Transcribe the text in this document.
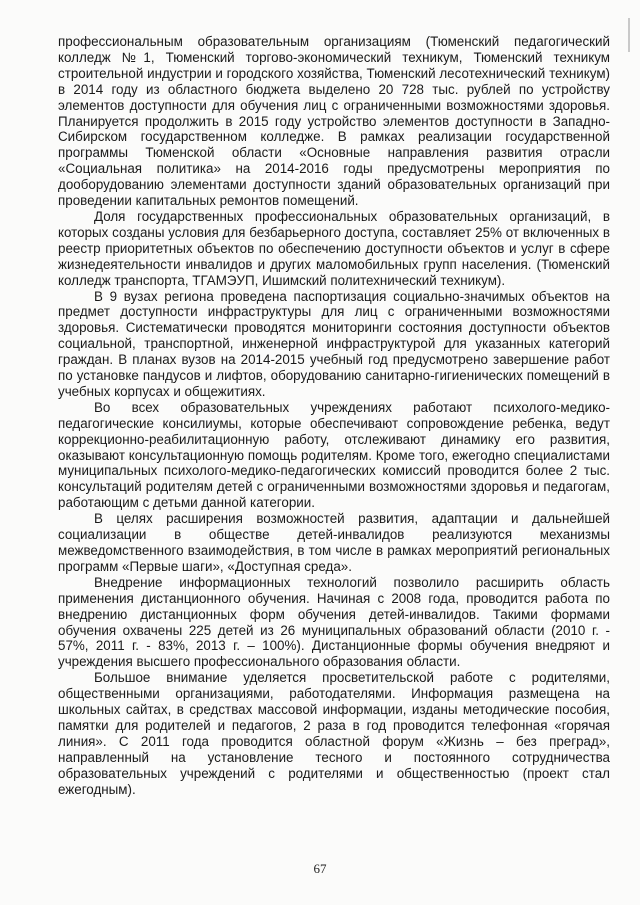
профессиональным образовательным организациям (Тюменский педагогический колледж №1, Тюменский торгово-экономический техникум, Тюменский техникум строительной индустрии и городского хозяйства, Тюменский лесотехнический техникум) в 2014 году из областного бюджета выделено 20 728 тыс. рублей по устройству элементов доступности для обучения лиц с ограниченными возможностями здоровья. Планируется продолжить в 2015 году устройство элементов доступности в Западно-Сибирском государственном колледже. В рамках реализации государственной программы Тюменской области «Основные направления развития отрасли «Социальная политика» на 2014-2016 годы предусмотрены мероприятия по дооборудованию элементами доступности зданий образовательных организаций при проведении капитальных ремонтов помещений.

Доля государственных профессиональных образовательных организаций, в которых созданы условия для безбарьерного доступа, составляет 25% от включенных в реестр приоритетных объектов по обеспечению доступности объектов и услуг в сфере жизнедеятельности инвалидов и других маломобильных групп населения. (Тюменский колледж транспорта, ТГАМЭУП, Ишимский политехнический техникум).

В 9 вузах региона проведена паспортизация социально-значимых объектов на предмет доступности инфраструктуры для лиц с ограниченными возможностями здоровья. Систематически проводятся мониторинги состояния доступности объектов социальной, транспортной, инженерной инфраструктурой для указанных категорий граждан. В планах вузов на 2014-2015 учебный год предусмотрено завершение работ по установке пандусов и лифтов, оборудованию санитарно-гигиенических помещений в учебных корпусах и общежитиях.

Во всех образовательных учреждениях работают психолого-медико-педагогические консилиумы, которые обеспечивают сопровождение ребенка, ведут коррекционно-реабилитационную работу, отслеживают динамику его развития, оказывают консультационную помощь родителям. Кроме того, ежегодно специалистами муниципальных психолого-медико-педагогических комиссий проводится более 2 тыс. консультаций родителям детей с ограниченными возможностями здоровья и педагогам, работающим с детьми данной категории.

В целях расширения возможностей развития, адаптации и дальнейшей социализации в обществе детей-инвалидов реализуются механизмы межведомственного взаимодействия, в том числе в рамках мероприятий региональных программ «Первые шаги», «Доступная среда».

Внедрение информационных технологий позволило расширить область применения дистанционного обучения. Начиная с 2008 года, проводится работа по внедрению дистанционных форм обучения детей-инвалидов. Такими формами обучения охвачены 225 детей из 26 муниципальных образований области (2010 г. - 57%, 2011 г. - 83%, 2013 г. – 100%). Дистанционные формы обучения внедряют и учреждения высшего профессионального образования области.

Большое внимание уделяется просветительской работе с родителями, общественными организациями, работодателями. Информация размещена на школьных сайтах, в средствах массовой информации, изданы методические пособия, памятки для родителей и педагогов, 2 раза в год проводится телефонная «горячая линия». С 2011 года проводится областной форум «Жизнь – без преград», направленный на установление тесного и постоянного сотрудничества образовательных учреждений с родителями и общественностью (проект стал ежегодным).

67
